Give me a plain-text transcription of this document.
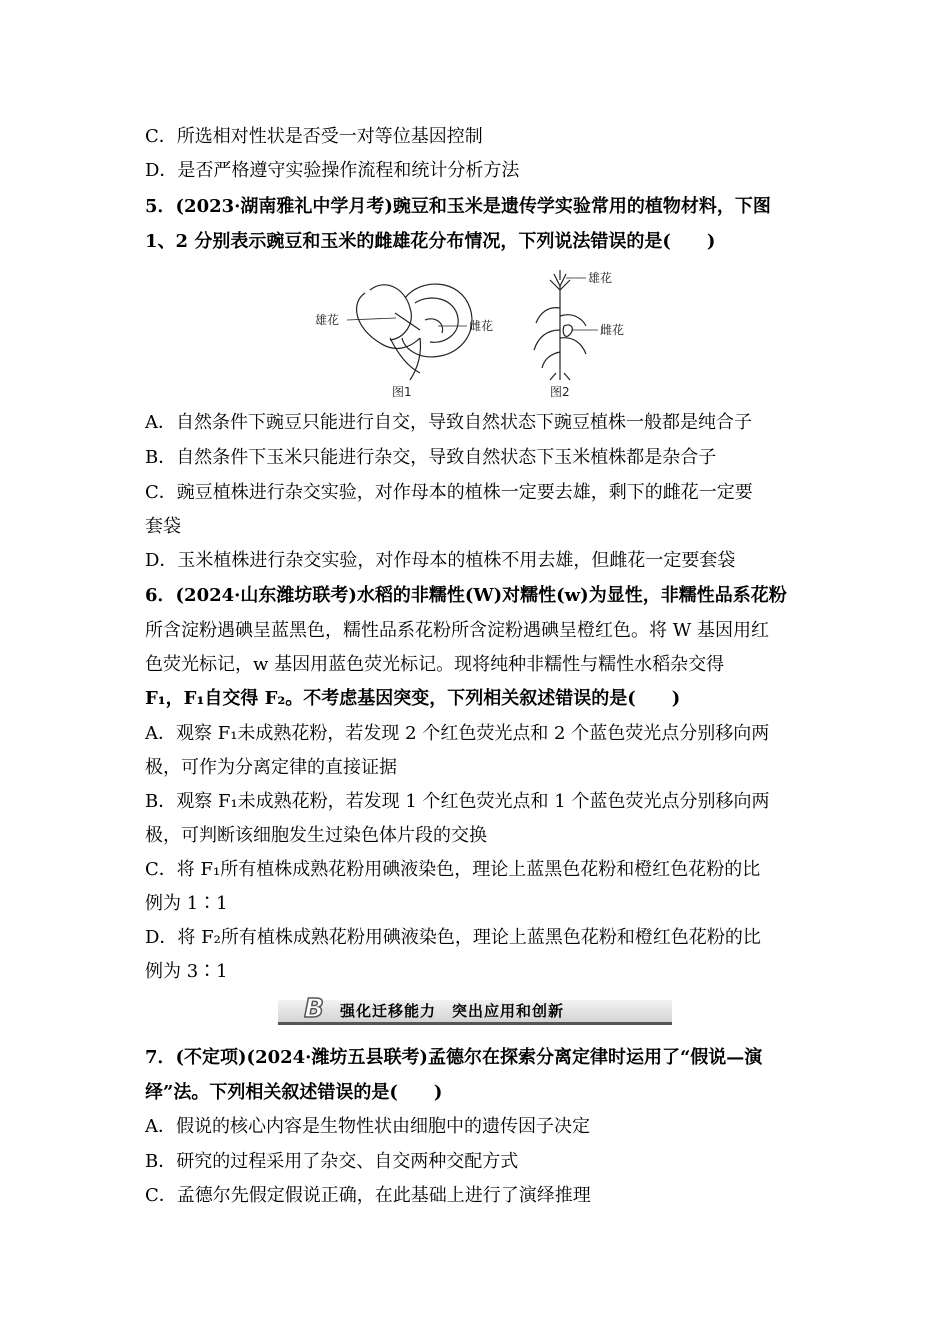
C．所选相对性状是否受一对等位基因控制
D．是否严格遵守实验操作流程和统计分析方法
5．(2023·湖南雅礼中学月考)豌豆和玉米是遗传学实验常用的植物材料，下图
1、2 分别表示豌豆和玉米的雌雄花分布情况，下列说法错误的是(　　)
雄花	雌花
图1
雄花
雌花
图2
A．自然条件下豌豆只能进行自交，导致自然状态下豌豆植株一般都是纯合子
B．自然条件下玉米只能进行杂交，导致自然状态下玉米植株都是杂合子
C．豌豆植株进行杂交实验，对作母本的植株一定要去雄，剩下的雌花一定要
套袋
D．玉米植株进行杂交实验，对作母本的植株不用去雄，但雌花一定要套袋
6．(2024·山东潍坊联考)水稻的非糯性(W)对糯性(w)为显性，非糯性品系花粉
所含淀粉遇碘呈蓝黑色，糯性品系花粉所含淀粉遇碘呈橙红色。将 W 基因用红
色荧光标记，w 基因用蓝色荧光标记。现将纯种非糯性与糯性水稻杂交得
F₁，F₁自交得 F₂。不考虑基因突变，下列相关叙述错误的是(　　)
A．观察 F₁未成熟花粉，若发现 2 个红色荧光点和 2 个蓝色荧光点分别移向两
极，可作为分离定律的直接证据
B．观察 F₁未成熟花粉，若发现 1 个红色荧光点和 1 个蓝色荧光点分别移向两
极，可判断该细胞发生过染色体片段的交换
C．将 F₁所有植株成熟花粉用碘液染色，理论上蓝黑色花粉和橙红色花粉的比
例为 1∶1
D．将 F₂所有植株成熟花粉用碘液染色，理论上蓝黑色花粉和橙红色花粉的比
例为 3∶1
B 强化迁移能力　突出应用和创新
7．(不定项)(2024·潍坊五县联考)孟德尔在探索分离定律时运用了“假说—演
绎”法。下列相关叙述错误的是(　　)
A．假说的核心内容是生物性状由细胞中的遗传因子决定
B．研究的过程采用了杂交、自交两种交配方式
C．孟德尔先假定假说正确，在此基础上进行了演绎推理
